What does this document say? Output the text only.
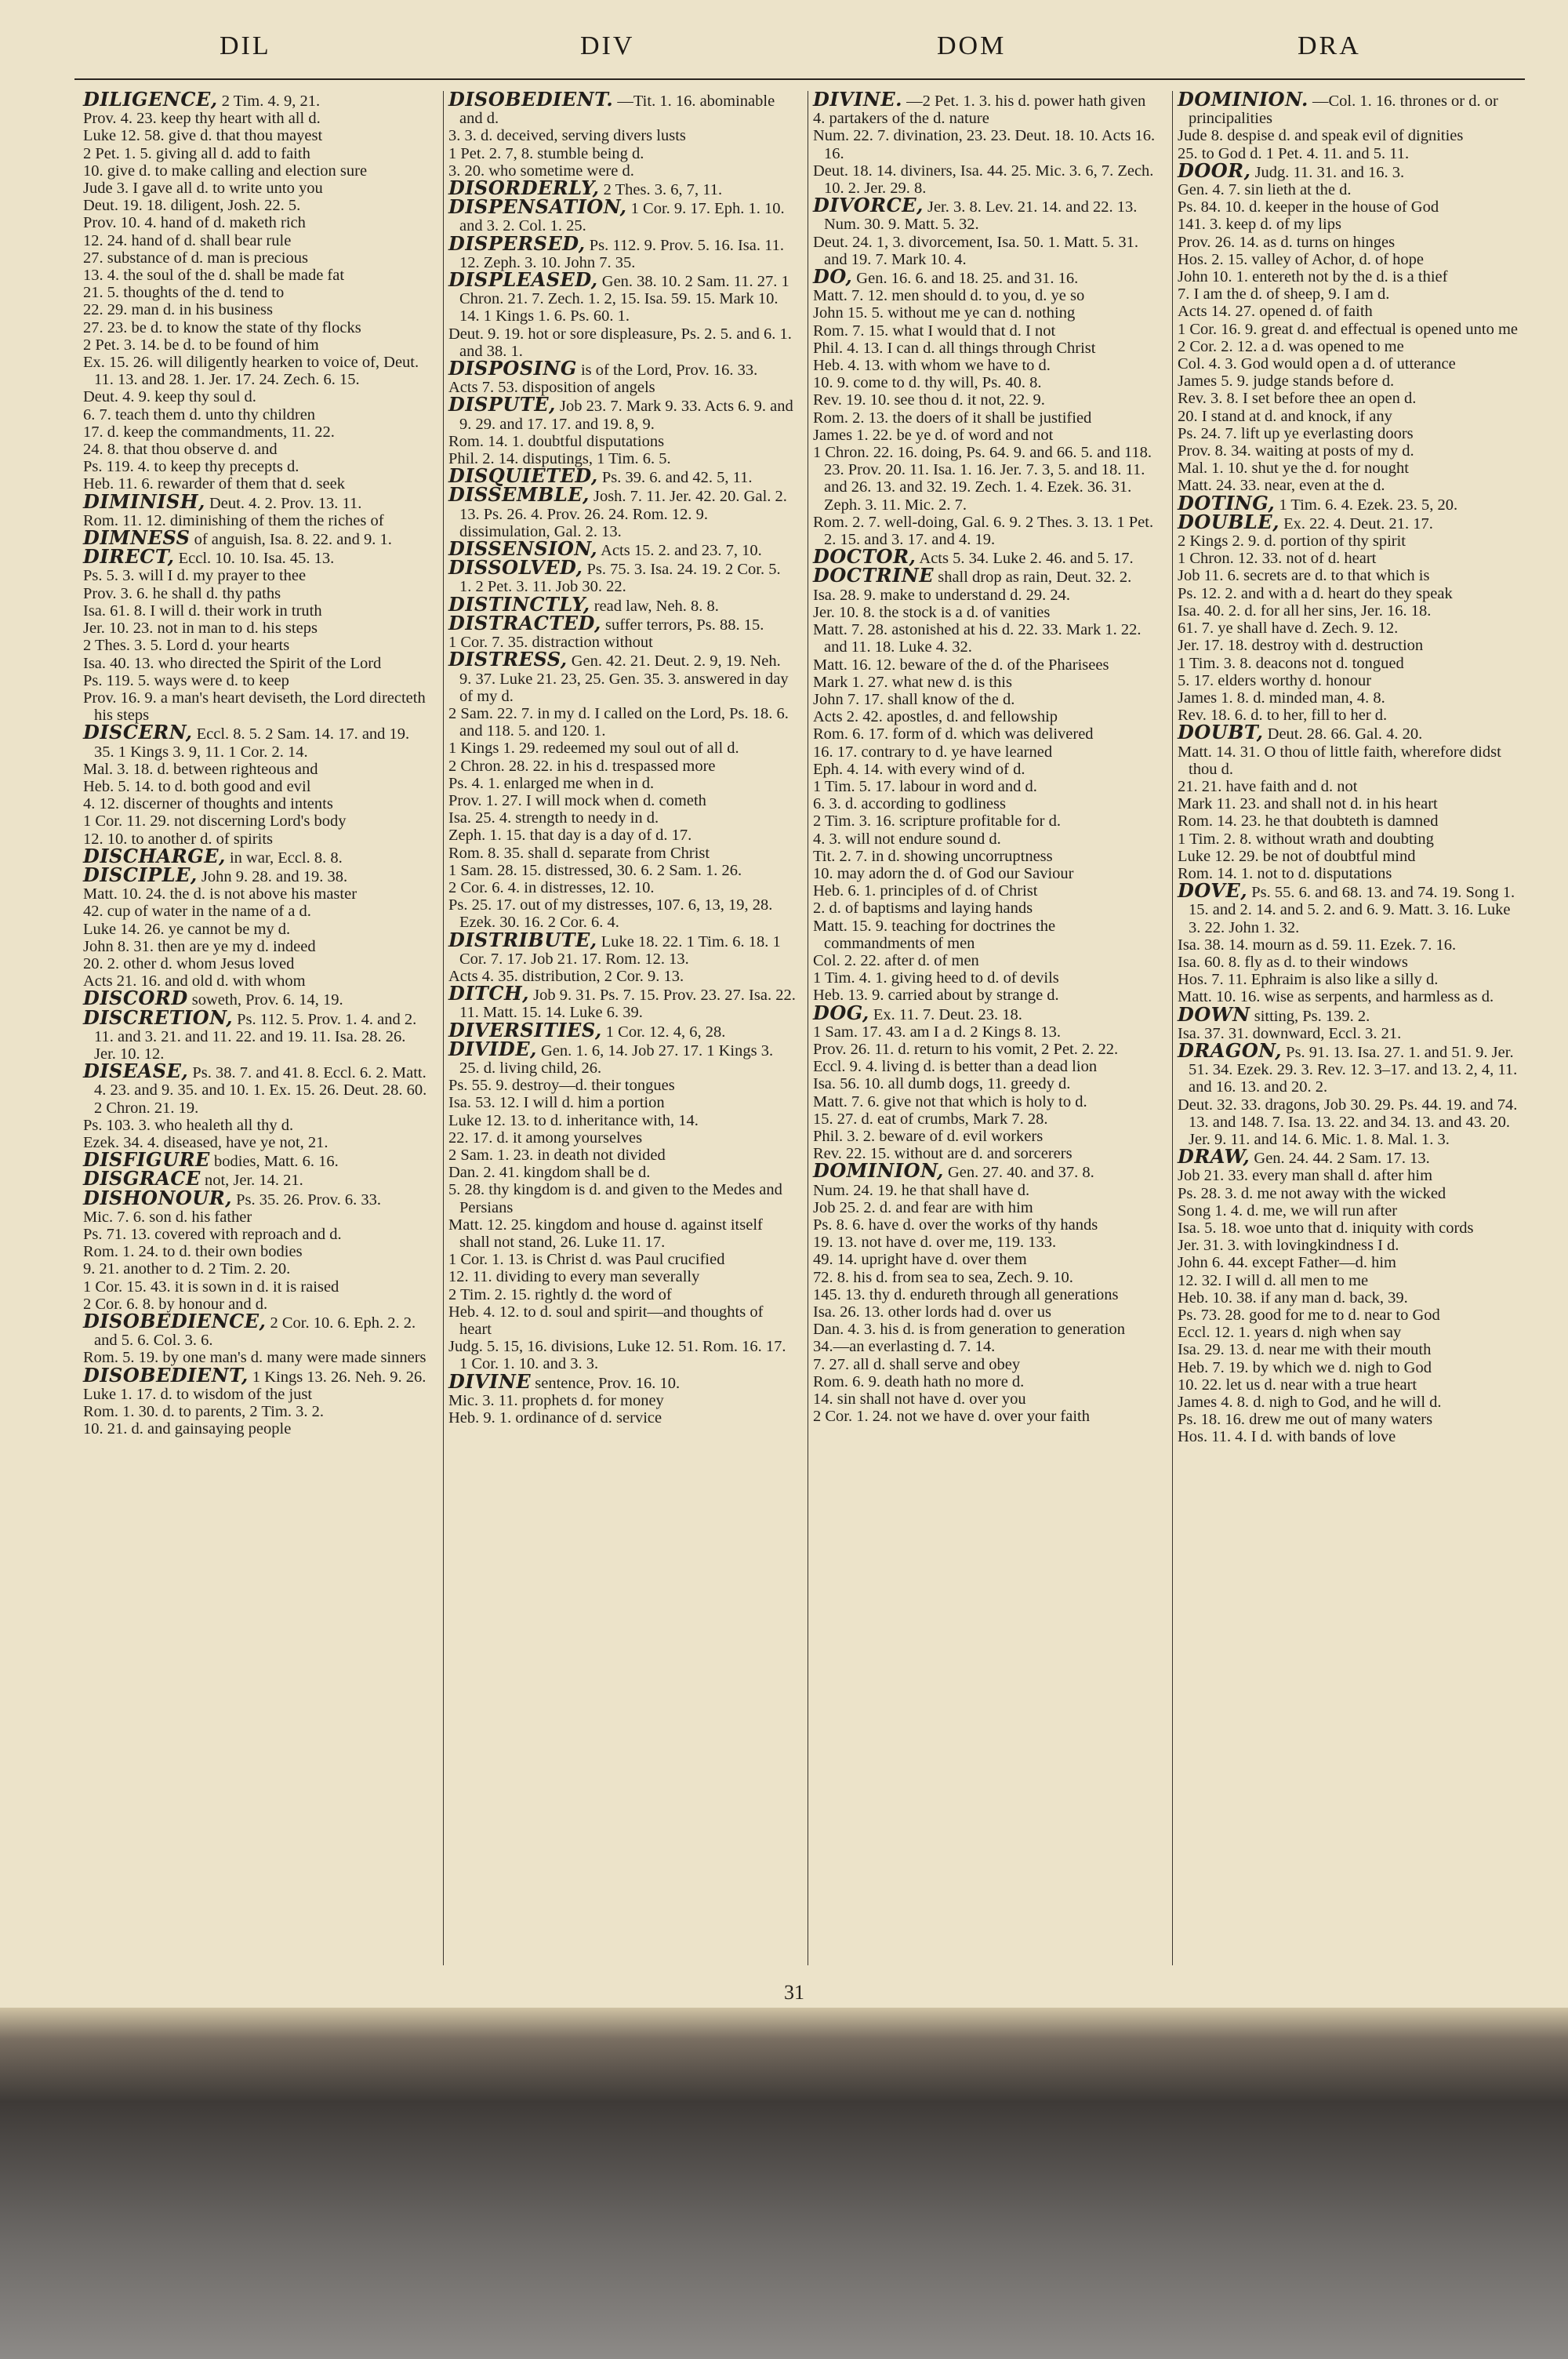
DIL	DIV	DOM	DRA

DILIGENCE, 2 Tim. 4. 9, 21.

Prov. 4. 23. keep thy heart with all d.

Luke 12. 58. give d. that thou mayest

2 Pet. 1. 5. giving all d. add to faith

10. give d. to make calling and election sure

Jude 3. I gave all d. to write unto you

Deut. 19. 18. diligent, Josh. 22. 5.

Prov. 10. 4. hand of d. maketh rich

12. 24. hand of d. shall bear rule

27. substance of d. man is precious

13. 4. the soul of the d. shall be made fat

21. 5. thoughts of the d. tend to

22. 29. man d. in his business

27. 23. be d. to know the state of thy flocks

2 Pet. 3. 14. be d. to be found of him

Ex. 15. 26. will diligently hearken to voice of, Deut. 11. 13. and 28. 1. Jer. 17. 24. Zech. 6. 15.

Deut. 4. 9. keep thy soul d.

6. 7. teach them d. unto thy children

17. d. keep the commandments, 11. 22.

24. 8. that thou observe d. and

Ps. 119. 4. to keep thy precepts d.

Heb. 11. 6. rewarder of them that d. seek

DIMINISH, Deut. 4. 2. Prov. 13. 11.

Rom. 11. 12. diminishing of them the riches of

DIMNESS of anguish, Isa. 8. 22. and 9. 1.

DIRECT, Eccl. 10. 10. Isa. 45. 13.

Ps. 5. 3. will I d. my prayer to thee

Prov. 3. 6. he shall d. thy paths

Isa. 61. 8. I will d. their work in truth

Jer. 10. 23. not in man to d. his steps

2 Thes. 3. 5. Lord d. your hearts

Isa. 40. 13. who directed the Spirit of the Lord

Ps. 119. 5. ways were d. to keep

Prov. 16. 9. a man's heart deviseth, the Lord directeth his steps

DISCERN, Eccl. 8. 5. 2 Sam. 14. 17. and 19. 35. 1 Kings 3. 9, 11. 1 Cor. 2. 14.

Mal. 3. 18. d. between righteous and

Heb. 5. 14. to d. both good and evil

4. 12. discerner of thoughts and intents

1 Cor. 11. 29. not discerning Lord's body

12. 10. to another d. of spirits

DISCHARGE, in war, Eccl. 8. 8.

DISCIPLE, John 9. 28. and 19. 38.

Matt. 10. 24. the d. is not above his master

42. cup of water in the name of a d.

Luke 14. 26. ye cannot be my d.

John 8. 31. then are ye my d. indeed

20. 2. other d. whom Jesus loved

Acts 21. 16. and old d. with whom

DISCORD soweth, Prov. 6. 14, 19.

DISCRETION, Ps. 112. 5. Prov. 1. 4. and 2. 11. and 3. 21. and 11. 22. and 19. 11. Isa. 28. 26. Jer. 10. 12.

DISEASE, Ps. 38. 7. and 41. 8. Eccl. 6. 2. Matt. 4. 23. and 9. 35. and 10. 1. Ex. 15. 26. Deut. 28. 60. 2 Chron. 21. 19.

Ps. 103. 3. who healeth all thy d.

Ezek. 34. 4. diseased, have ye not, 21.

DISFIGURE bodies, Matt. 6. 16.

DISGRACE not, Jer. 14. 21.

DISHONOUR, Ps. 35. 26. Prov. 6. 33.

Mic. 7. 6. son d. his father

Ps. 71. 13. covered with reproach and d.

Rom. 1. 24. to d. their own bodies

9. 21. another to d. 2 Tim. 2. 20.

1 Cor. 15. 43. it is sown in d. it is raised

2 Cor. 6. 8. by honour and d.

DISOBEDIENCE, 2 Cor. 10. 6. Eph. 2. 2. and 5. 6. Col. 3. 6.

Rom. 5. 19. by one man's d. many were made sinners

DISOBEDIENT, 1 Kings 13. 26. Neh. 9. 26.

Luke 1. 17. d. to wisdom of the just

Rom. 1. 30. d. to parents, 2 Tim. 3. 2.

10. 21. d. and gainsaying people

DISOBEDIENT. —Tit. 1. 16. abominable and d.

3. 3. d. deceived, serving divers lusts

1 Pet. 2. 7, 8. stumble being d.

3. 20. who sometime were d.

DISORDERLY, 2 Thes. 3. 6, 7, 11.

DISPENSATION, 1 Cor. 9. 17. Eph. 1. 10. and 3. 2. Col. 1. 25.

DISPERSED, Ps. 112. 9. Prov. 5. 16. Isa. 11. 12. Zeph. 3. 10. John 7. 35.

DISPLEASED, Gen. 38. 10. 2 Sam. 11. 27. 1 Chron. 21. 7. Zech. 1. 2, 15. Isa. 59. 15. Mark 10. 14. 1 Kings 1. 6. Ps. 60. 1.

Deut. 9. 19. hot or sore displeasure, Ps. 2. 5. and 6. 1. and 38. 1.

DISPOSING is of the Lord, Prov. 16. 33.

Acts 7. 53. disposition of angels

DISPUTE, Job 23. 7. Mark 9. 33. Acts 6. 9. and 9. 29. and 17. 17. and 19. 8, 9.

Rom. 14. 1. doubtful disputations

Phil. 2. 14. disputings, 1 Tim. 6. 5.

DISQUIETED, Ps. 39. 6. and 42. 5, 11.

DISSEMBLE, Josh. 7. 11. Jer. 42. 20. Gal. 2. 13. Ps. 26. 4. Prov. 26. 24. Rom. 12. 9. dissimulation, Gal. 2. 13.

DISSENSION, Acts 15. 2. and 23. 7, 10.

DISSOLVED, Ps. 75. 3. Isa. 24. 19. 2 Cor. 5. 1. 2 Pet. 3. 11. Job 30. 22.

DISTINCTLY, read law, Neh. 8. 8.

DISTRACTED, suffer terrors, Ps. 88. 15.

1 Cor. 7. 35. distraction without

DISTRESS, Gen. 42. 21. Deut. 2. 9, 19. Neh. 9. 37. Luke 21. 23, 25. Gen. 35. 3. answered in day of my d.

2 Sam. 22. 7. in my d. I called on the Lord, Ps. 18. 6. and 118. 5. and 120. 1.

1 Kings 1. 29. redeemed my soul out of all d.

2 Chron. 28. 22. in his d. trespassed more

Ps. 4. 1. enlarged me when in d.

Prov. 1. 27. I will mock when d. cometh

Isa. 25. 4. strength to needy in d.

Zeph. 1. 15. that day is a day of d. 17.

Rom. 8. 35. shall d. separate from Christ

1 Sam. 28. 15. distressed, 30. 6. 2 Sam. 1. 26.

2 Cor. 6. 4. in distresses, 12. 10.

Ps. 25. 17. out of my distresses, 107. 6, 13, 19, 28. Ezek. 30. 16. 2 Cor. 6. 4.

DISTRIBUTE, Luke 18. 22. 1 Tim. 6. 18. 1 Cor. 7. 17. Job 21. 17. Rom. 12. 13.

Acts 4. 35. distribution, 2 Cor. 9. 13.

DITCH, Job 9. 31. Ps. 7. 15. Prov. 23. 27. Isa. 22. 11. Matt. 15. 14. Luke 6. 39.

DIVERSITIES, 1 Cor. 12. 4, 6, 28.

DIVIDE, Gen. 1. 6, 14. Job 27. 17. 1 Kings 3. 25. d. living child, 26.

Ps. 55. 9. destroy—d. their tongues

Isa. 53. 12. I will d. him a portion

Luke 12. 13. to d. inheritance with, 14.

22. 17. d. it among yourselves

2 Sam. 1. 23. in death not divided

Dan. 2. 41. kingdom shall be d.

5. 28. thy kingdom is d. and given to the Medes and Persians

Matt. 12. 25. kingdom and house d. against itself shall not stand, 26. Luke 11. 17.

1 Cor. 1. 13. is Christ d. was Paul crucified

12. 11. dividing to every man severally

2 Tim. 2. 15. rightly d. the word of

Heb. 4. 12. to d. soul and spirit—and thoughts of heart

Judg. 5. 15, 16. divisions, Luke 12. 51. Rom. 16. 17. 1 Cor. 1. 10. and 3. 3.

DIVINE sentence, Prov. 16. 10.

Mic. 3. 11. prophets d. for money

Heb. 9. 1. ordinance of d. service

DIVINE. —2 Pet. 1. 3. his d. power hath given

4. partakers of the d. nature

Num. 22. 7. divination, 23. 23. Deut. 18. 10. Acts 16. 16.

Deut. 18. 14. diviners, Isa. 44. 25. Mic. 3. 6, 7. Zech. 10. 2. Jer. 29. 8.

DIVORCE, Jer. 3. 8. Lev. 21. 14. and 22. 13. Num. 30. 9. Matt. 5. 32.

Deut. 24. 1, 3. divorcement, Isa. 50. 1. Matt. 5. 31. and 19. 7. Mark 10. 4.

DO, Gen. 16. 6. and 18. 25. and 31. 16.

Matt. 7. 12. men should d. to you, d. ye so

John 15. 5. without me ye can d. nothing

Rom. 7. 15. what I would that d. I not

Phil. 4. 13. I can d. all things through Christ

Heb. 4. 13. with whom we have to d.

10. 9. come to d. thy will, Ps. 40. 8.

Rev. 19. 10. see thou d. it not, 22. 9.

Rom. 2. 13. the doers of it shall be justified

James 1. 22. be ye d. of word and not

1 Chron. 22. 16. doing, Ps. 64. 9. and 66. 5. and 118. 23. Prov. 20. 11. Isa. 1. 16. Jer. 7. 3, 5. and 18. 11. and 26. 13. and 32. 19. Zech. 1. 4. Ezek. 36. 31. Zeph. 3. 11. Mic. 2. 7.

Rom. 2. 7. well-doing, Gal. 6. 9. 2 Thes. 3. 13. 1 Pet. 2. 15. and 3. 17. and 4. 19.

DOCTOR, Acts 5. 34. Luke 2. 46. and 5. 17.

DOCTRINE shall drop as rain, Deut. 32. 2.

Isa. 28. 9. make to understand d. 29. 24.

Jer. 10. 8. the stock is a d. of vanities

Matt. 7. 28. astonished at his d. 22. 33. Mark 1. 22. and 11. 18. Luke 4. 32.

Matt. 16. 12. beware of the d. of the Pharisees

Mark 1. 27. what new d. is this

John 7. 17. shall know of the d.

Acts 2. 42. apostles, d. and fellowship

Rom. 6. 17. form of d. which was delivered

16. 17. contrary to d. ye have learned

Eph. 4. 14. with every wind of d.

1 Tim. 5. 17. labour in word and d.

6. 3. d. according to godliness

2 Tim. 3. 16. scripture profitable for d.

4. 3. will not endure sound d.

Tit. 2. 7. in d. showing uncorruptness

10. may adorn the d. of God our Saviour

Heb. 6. 1. principles of d. of Christ

2. d. of baptisms and laying hands

Matt. 15. 9. teaching for doctrines the commandments of men

Col. 2. 22. after d. of men

1 Tim. 4. 1. giving heed to d. of devils

Heb. 13. 9. carried about by strange d.

DOG, Ex. 11. 7. Deut. 23. 18.

1 Sam. 17. 43. am I a d. 2 Kings 8. 13.

Prov. 26. 11. d. return to his vomit, 2 Pet. 2. 22.

Eccl. 9. 4. living d. is better than a dead lion

Isa. 56. 10. all dumb dogs, 11. greedy d.

Matt. 7. 6. give not that which is holy to d.

15. 27. d. eat of crumbs, Mark 7. 28.

Phil. 3. 2. beware of d. evil workers

Rev. 22. 15. without are d. and sorcerers

DOMINION, Gen. 27. 40. and 37. 8.

Num. 24. 19. he that shall have d.

Job 25. 2. d. and fear are with him

Ps. 8. 6. have d. over the works of thy hands

19. 13. not have d. over me, 119. 133.

49. 14. upright have d. over them

72. 8. his d. from sea to sea, Zech. 9. 10.

145. 13. thy d. endureth through all generations

Isa. 26. 13. other lords had d. over us

Dan. 4. 3. his d. is from generation to generation

34.—an everlasting d. 7. 14.

7. 27. all d. shall serve and obey

Rom. 6. 9. death hath no more d.

14. sin shall not have d. over you

2 Cor. 1. 24. not we have d. over your faith

DOMINION. —Col. 1. 16. thrones or d. or principalities

Jude 8. despise d. and speak evil of dignities

25. to God d. 1 Pet. 4. 11. and 5. 11.

DOOR, Judg. 11. 31. and 16. 3.

Gen. 4. 7. sin lieth at the d.

Ps. 84. 10. d. keeper in the house of God

141. 3. keep d. of my lips

Prov. 26. 14. as d. turns on hinges

Hos. 2. 15. valley of Achor, d. of hope

John 10. 1. entereth not by the d. is a thief

7. I am the d. of sheep, 9. I am d.

Acts 14. 27. opened d. of faith

1 Cor. 16. 9. great d. and effectual is opened unto me

2 Cor. 2. 12. a d. was opened to me

Col. 4. 3. God would open a d. of utterance

James 5. 9. judge stands before d.

Rev. 3. 8. I set before thee an open d.

20. I stand at d. and knock, if any

Ps. 24. 7. lift up ye everlasting doors

Prov. 8. 34. waiting at posts of my d.

Mal. 1. 10. shut ye the d. for nought

Matt. 24. 33. near, even at the d.

DOTING, 1 Tim. 6. 4. Ezek. 23. 5, 20.

DOUBLE, Ex. 22. 4. Deut. 21. 17.

2 Kings 2. 9. d. portion of thy spirit

1 Chron. 12. 33. not of d. heart

Job 11. 6. secrets are d. to that which is

Ps. 12. 2. and with a d. heart do they speak

Isa. 40. 2. d. for all her sins, Jer. 16. 18.

61. 7. ye shall have d. Zech. 9. 12.

Jer. 17. 18. destroy with d. destruction

1 Tim. 3. 8. deacons not d. tongued

5. 17. elders worthy d. honour

James 1. 8. d. minded man, 4. 8.

Rev. 18. 6. d. to her, fill to her d.

DOUBT, Deut. 28. 66. Gal. 4. 20.

Matt. 14. 31. O thou of little faith, wherefore didst thou d.

21. 21. have faith and d. not

Mark 11. 23. and shall not d. in his heart

Rom. 14. 23. he that doubteth is damned

1 Tim. 2. 8. without wrath and doubting

Luke 12. 29. be not of doubtful mind

Rom. 14. 1. not to d. disputations

DOVE, Ps. 55. 6. and 68. 13. and 74. 19. Song 1. 15. and 2. 14. and 5. 2. and 6. 9. Matt. 3. 16. Luke 3. 22. John 1. 32.

Isa. 38. 14. mourn as d. 59. 11. Ezek. 7. 16.

Isa. 60. 8. fly as d. to their windows

Hos. 7. 11. Ephraim is also like a silly d.

Matt. 10. 16. wise as serpents, and harmless as d.

DOWN sitting, Ps. 139. 2.

Isa. 37. 31. downward, Eccl. 3. 21.

DRAGON, Ps. 91. 13. Isa. 27. 1. and 51. 9. Jer. 51. 34. Ezek. 29. 3. Rev. 12. 3–17. and 13. 2, 4, 11. and 16. 13. and 20. 2.

Deut. 32. 33. dragons, Job 30. 29. Ps. 44. 19. and 74. 13. and 148. 7. Isa. 13. 22. and 34. 13. and 43. 20. Jer. 9. 11. and 14. 6. Mic. 1. 8. Mal. 1. 3.

DRAW, Gen. 24. 44. 2 Sam. 17. 13.

Job 21. 33. every man shall d. after him

Ps. 28. 3. d. me not away with the wicked

Song 1. 4. d. me, we will run after

Isa. 5. 18. woe unto that d. iniquity with cords

Jer. 31. 3. with lovingkindness I d.

John 6. 44. except Father—d. him

12. 32. I will d. all men to me

Heb. 10. 38. if any man d. back, 39.

Ps. 73. 28. good for me to d. near to God

Eccl. 12. 1. years d. nigh when say

Isa. 29. 13. d. near me with their mouth

Heb. 7. 19. by which we d. nigh to God

10. 22. let us d. near with a true heart

James 4. 8. d. nigh to God, and he will d.

Ps. 18. 16. drew me out of many waters

Hos. 11. 4. I d. with bands of love

31
